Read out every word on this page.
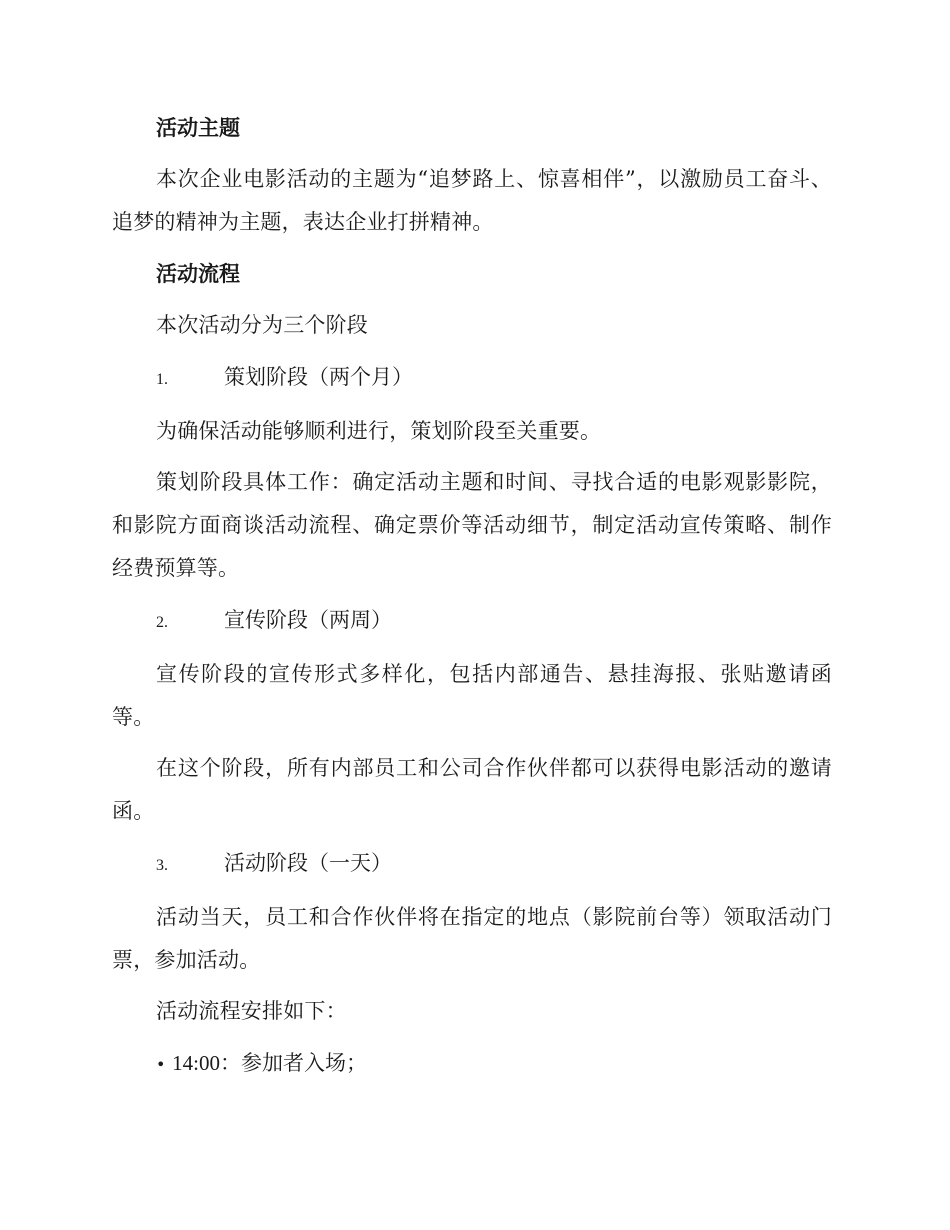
活动主题

本次企业电影活动的主题为“追梦路上、惊喜相伴”，以激励员工奋斗、追梦的精神为主题，表达企业打拼精神。

活动流程

本次活动分为三个阶段

1.	策划阶段（两个月）

为确保活动能够顺利进行，策划阶段至关重要。

策划阶段具体工作：确定活动主题和时间、寻找合适的电影观影影院，和影院方面商谈活动流程、确定票价等活动细节，制定活动宣传策略、制作经费预算等。

2.	宣传阶段（两周）

宣传阶段的宣传形式多样化，包括内部通告、悬挂海报、张贴邀请函等。

在这个阶段，所有内部员工和公司合作伙伴都可以获得电影活动的邀请函。

3.	活动阶段（一天）

活动当天，员工和合作伙伴将在指定的地点（影院前台等）领取活动门票，参加活动。

活动流程安排如下：

• 14:00：参加者入场；
